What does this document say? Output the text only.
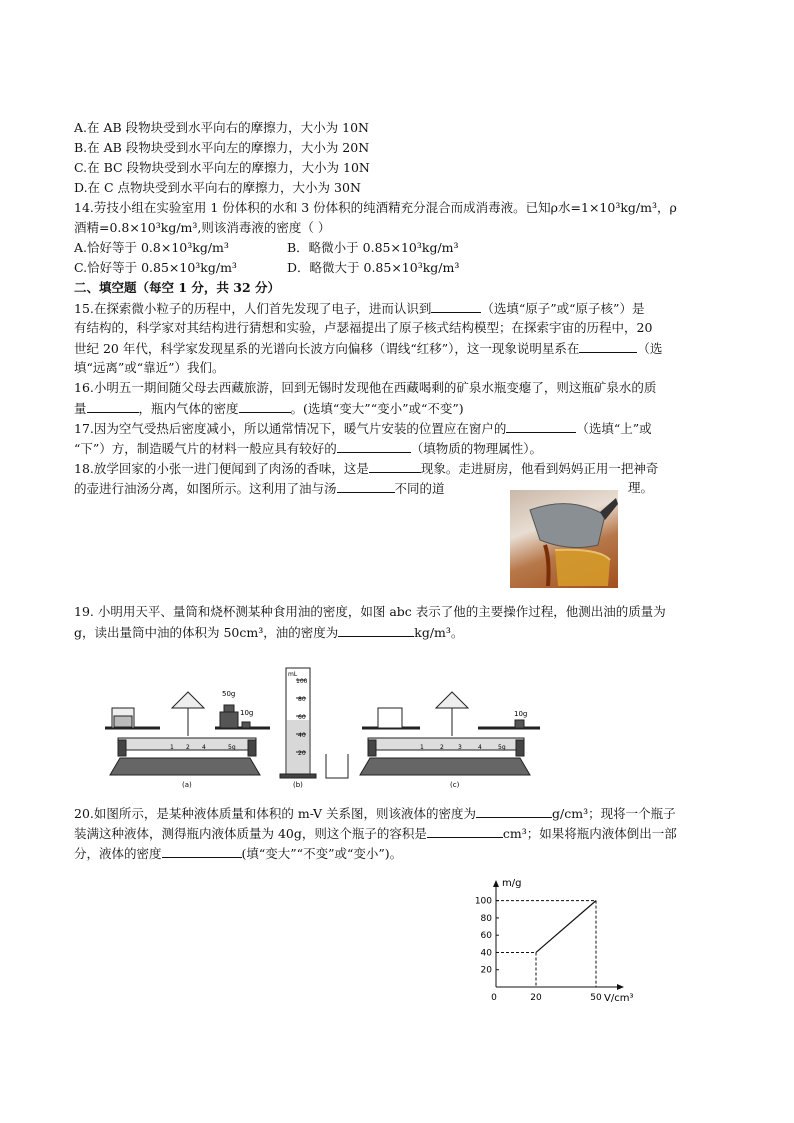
A.在 AB 段物块受到水平向右的摩擦力，大小为 10N
B.在 AB 段物块受到水平向左的摩擦力，大小为 20N
C.在 BC 段物块受到水平向左的摩擦力，大小为 10N
D.在 C 点物块受到水平向右的摩擦力，大小为 30N
14.劳技小组在实验室用 1 份体积的水和 3 份体积的纯酒精充分混合而成消毒液。已知ρ水=1×10³kg/m³，ρ
酒精=0.8×10³kg/m³,则该消毒液的密度（ ）
A.恰好等于 0.8×10³kg/m³	B．略微小于 0.85×10³kg/m³
C.恰好等于 0.85×10³kg/m³	D．略微大于 0.85×10³kg/m³
二、填空题（每空 1 分，共 32 分）
15.在探索微小粒子的历程中，人们首先发现了电子，进而认识到	（选填“原子”或“原子核”）是
有结构的，科学家对其结构进行猜想和实验，卢瑟福提出了原子核式结构模型；在探索宇宙的历程中，20
世纪 20 年代，科学家发现星系的光谱向长波方向偏移（谓线“红移”），这一现象说明星系在	（选
填“远离”或“靠近”）我们。
16.小明五一期间随父母去西藏旅游，回到无锡时发现他在西藏喝剩的矿泉水瓶变瘪了，则这瓶矿泉水的质
量	，瓶内气体的密度	。(选填“变大”“变小”或“不变”)
17.因为空气受热后密度减小，所以通常情况下，暖气片安装的位置应在窗户的	（选填“上”或
“下”）方，制造暖气片的材料一般应具有较好的	（填物质的物理属性）。
18.放学回家的小张一进门便闻到了肉汤的香味，这是	现象。走进厨房，他看到妈妈正用一把神奇
的壶进行油汤分离，如图所示。这利用了油与汤	不同的道	理。
19. 小明用天平、量筒和烧杯测某种食用油的密度，如图 abc 表示了他的主要操作过程，他测出油的质量为
g，读出量筒中油的体积为 50cm³，油的密度为	kg/m³。
50g
10g
1 2 4	5g
(a)
mL
100
80
60
40
20
(b)
10g
1	2 3	4	5g
(c)
20.如图所示，是某种液体质量和体积的 m-V 关系图，则该液体的密度为	g/cm³；现将一个瓶子
装满这种液体，测得瓶内液体质量为 40g，则这个瓶子的容积是	cm³；如果将瓶内液体倒出一部
分，液体的密度	(填“变大”“不变”或“变小”)。
20
40
60
80
100
0	20	50
m/g
V/cm³
